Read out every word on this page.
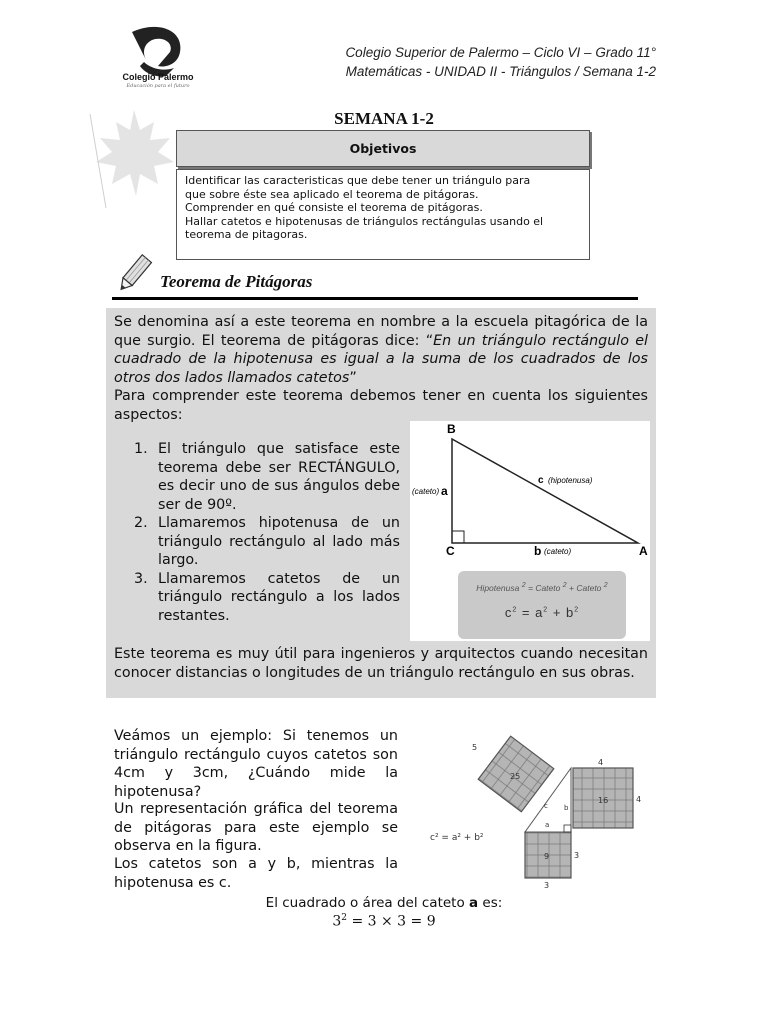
Colegio Palermo
Educación para el futuro
Colegio Superior de Palermo – Ciclo VI – Grado 11°
Matemáticas - UNIDAD II - Triángulos / Semana 1-2
SEMANA 1-2
Objetivos
Identificar las caracteristicas que debe tener un triángulo para
que sobre éste sea aplicado el teorema de pitágoras.
Comprender en qué consiste el teorema de pitágoras.
Hallar catetos e hipotenusas de triángulos rectángulas usando el
teorema de pitagoras.
Teorema de Pitágoras
Se denomina así a este teorema en nombre a la escuela pitagórica de la que surgio. El teorema de pitágoras dice: “En un triángulo rectángulo el cuadrado de la hipotenusa es igual a la suma de los cuadrados de los otros dos lados llamados catetos”
Para comprender este teorema debemos tener en cuenta los siguientes aspectos:
1. El triángulo que satisface este teorema debe ser RECTÁNGULO, es decir uno de sus ángulos debe ser de 90º.
2. Llamaremos hipotenusa de un triángulo rectángulo al lado más largo.
3. Llamaremos catetos de un triángulo rectángulo a los lados restantes.
B
C	A
(cateto) a
c (hipotenusa)
b (cateto)
Hipotenusa $^2$ = Cateto $^2$ + Cateto $^2$
$c^2 = a^2 + b^2$
Este teorema es muy útil para ingenieros y arquitectos cuando necesitan conocer distancias o longitudes de un triángulo rectángulo en sus obras.
Veámos un ejemplo: Si tenemos un triángulo rectángulo cuyos catetos son 4cm y 3cm, ¿Cuándo mide la hipotenusa?
Un representación gráfica del teorema de pitágoras para este ejemplo se observa en la figura.
Los catetos son a y b, mientras la hipotenusa es c.
5
25
4
4
16
3
3
9
c b
a
c² = a² + b²
El cuadrado o área del cateto a es:
$3^2 = 3 \times 3 = 9$
